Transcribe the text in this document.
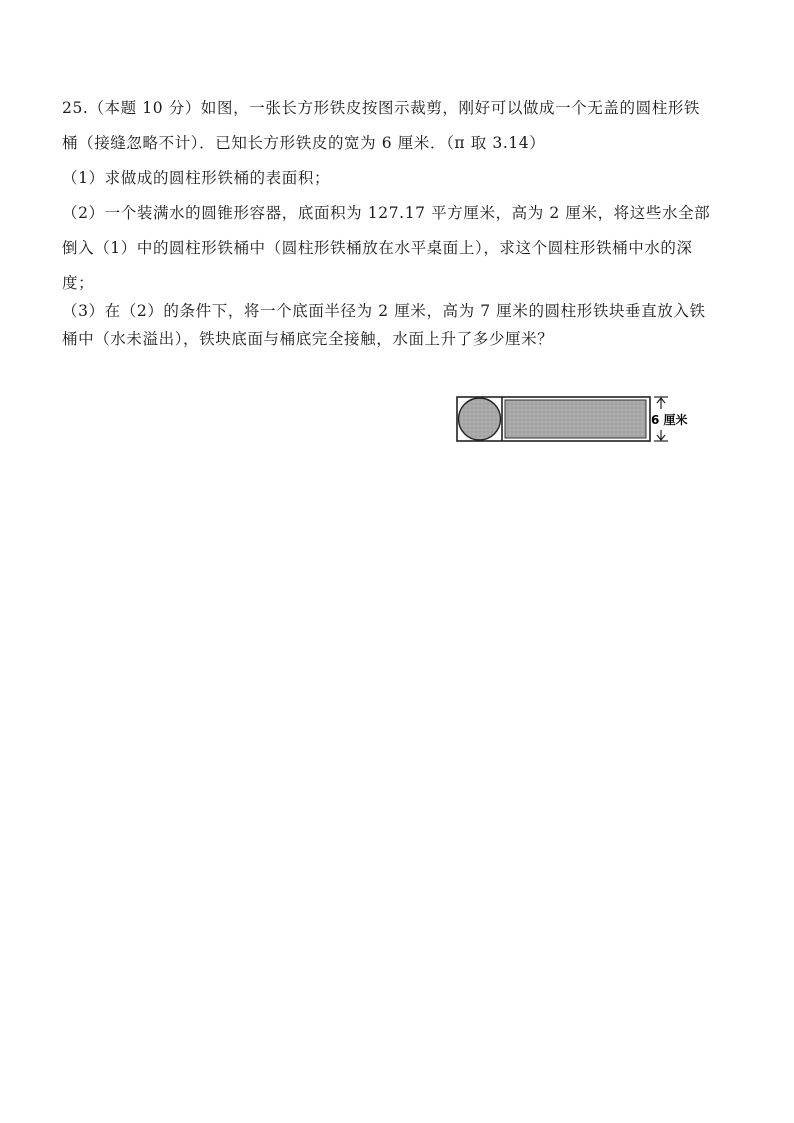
25.（本题 10 分）如图，一张长方形铁皮按图示裁剪，刚好可以做成一个无盖的圆柱形铁
桶（接缝忽略不计）．已知长方形铁皮的宽为 6 厘米．（π 取 3.14）
（1）求做成的圆柱形铁桶的表面积；
（2）一个装满水的圆锥形容器，底面积为 127.17 平方厘米，高为 2 厘米，将这些水全部
倒入（1）中的圆柱形铁桶中（圆柱形铁桶放在水平桌面上），求这个圆柱形铁桶中水的深
度；
（3）在（2）的条件下，将一个底面半径为 2 厘米，高为 7 厘米的圆柱形铁块垂直放入铁
桶中（水未溢出），铁块底面与桶底完全接触，水面上升了多少厘米？
6 厘米
